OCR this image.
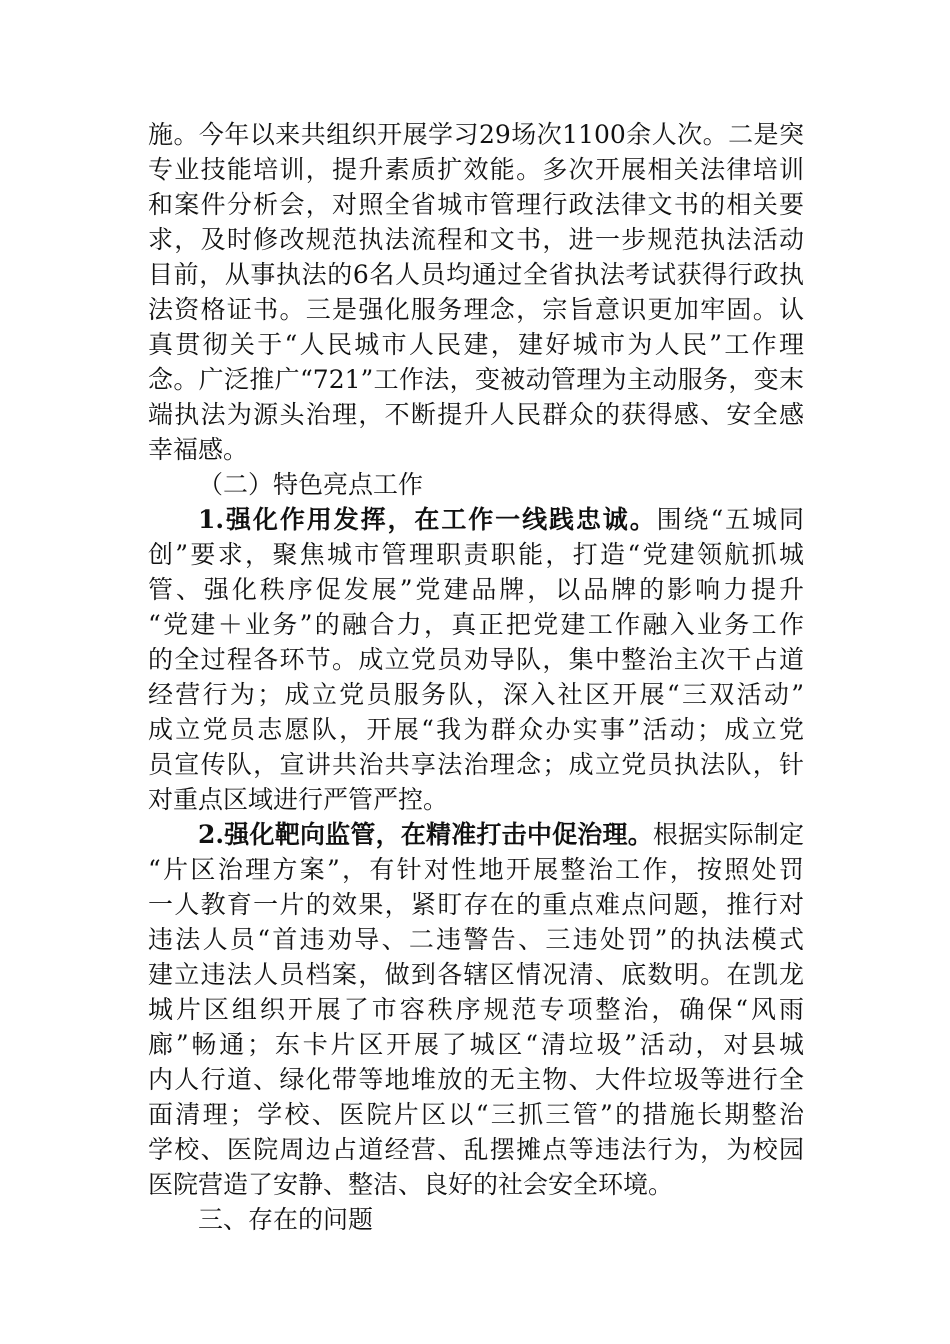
施。今年以来共组织开展学习29场次1100余人次。二是突
专业技能培训，提升素质扩效能。多次开展相关法律培训
和案件分析会，对照全省城市管理行政法律文书的相关要
求，及时修改规范执法流程和文书，进一步规范执法活动
目前，从事执法的6名人员均通过全省执法考试获得行政执
法资格证书。三是强化服务理念，宗旨意识更加牢固。认
真贯彻关于“人民城市人民建，建好城市为人民”工作理
念。广泛推广“721”工作法，变被动管理为主动服务，变末
端执法为源头治理，不断提升人民群众的获得感、安全感
幸福感。
（二）特色亮点工作
1.强化作用发挥，在工作一线践忠诚。围绕“五城同
创”要求，聚焦城市管理职责职能，打造“党建领航抓城
管、强化秩序促发展”党建品牌，以品牌的影响力提升
“党建＋业务”的融合力，真正把党建工作融入业务工作
的全过程各环节。成立党员劝导队，集中整治主次干占道
经营行为；成立党员服务队，深入社区开展“三双活动”
成立党员志愿队，开展“我为群众办实事”活动；成立党
员宣传队，宣讲共治共享法治理念；成立党员执法队，针
对重点区域进行严管严控。
2.强化靶向监管，在精准打击中促治理。根据实际制定
“片区治理方案”，有针对性地开展整治工作，按照处罚
一人教育一片的效果，紧盯存在的重点难点问题，推行对
违法人员“首违劝导、二违警告、三违处罚”的执法模式
建立违法人员档案，做到各辖区情况清、底数明。在凯龙
城片区组织开展了市容秩序规范专项整治，确保“风雨
廊”畅通；东卡片区开展了城区“清垃圾”活动，对县城
内人行道、绿化带等地堆放的无主物、大件垃圾等进行全
面清理；学校、医院片区以“三抓三管”的措施长期整治
学校、医院周边占道经营、乱摆摊点等违法行为，为校园
医院营造了安静、整洁、良好的社会安全环境。
三、存在的问题
